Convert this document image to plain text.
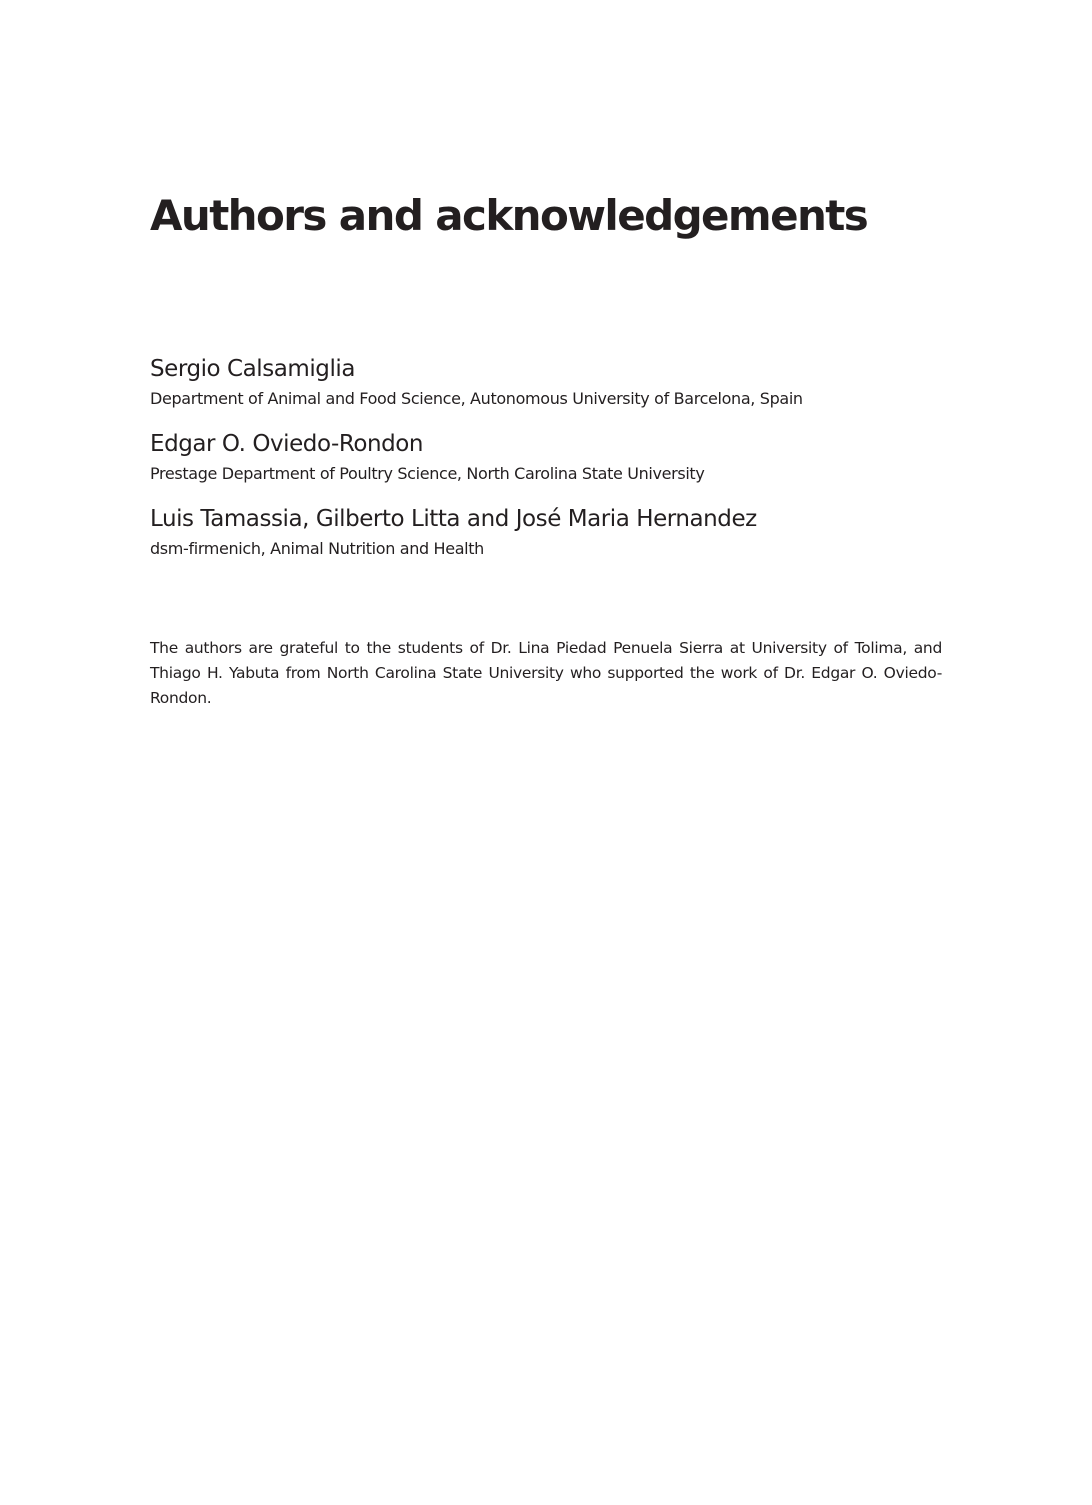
Authors and acknowledgements
Sergio Calsamiglia
Department of Animal and Food Science, Autonomous University of Barcelona, Spain
Edgar O. Oviedo-Rondon
Prestage Department of Poultry Science, North Carolina State University
Luis Tamassia, Gilberto Litta and José Maria Hernandez
dsm-firmenich, Animal Nutrition and Health

The authors are grateful to the students of Dr. Lina Piedad Penuela Sierra at University of Tolima, and Thiago H. Yabuta from North Carolina State University who supported the work of Dr. Edgar O. Oviedo-Rondon.
